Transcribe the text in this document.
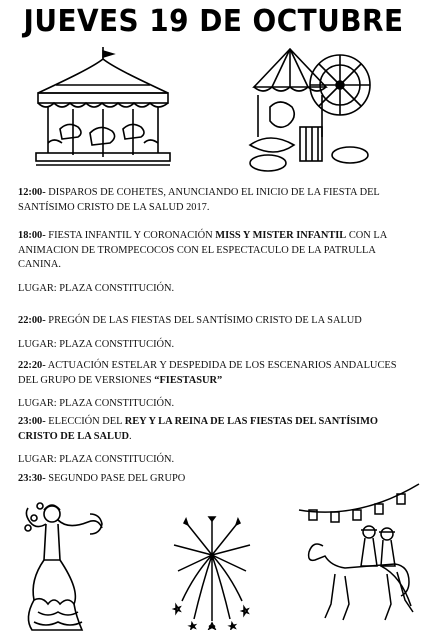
JUEVES 19 DE OCTUBRE

12:00- DISPAROS DE COHETES, ANUNCIANDO EL INICIO DE LA FIESTA DEL SANTÍSIMO CRISTO DE LA SALUD 2017.

18:00- FIESTA INFANTIL Y CORONACIÓN MISS Y MISTER INFANTIL CON LA ANIMACION DE TROMPECOCOS CON EL ESPECTACULO DE LA PATRULLA CANINA.

LUGAR: PLAZA CONSTITUCIÓN.

22:00- PREGÓN DE LAS FIESTAS DEL SANTÍSIMO CRISTO DE LA SALUD

LUGAR: PLAZA CONSTITUCIÓN.

22:20- ACTUACIÓN ESTELAR Y DESPEDIDA DE LOS ESCENARIOS ANDALUCES DEL GRUPO DE VERSIONES “FIESTASUR”

LUGAR: PLAZA CONSTITUCIÓN.

23:00- ELECCIÓN DEL REY Y LA REINA DE LAS FIESTAS DEL SANTÍSIMO CRISTO DE LA SALUD.

LUGAR: PLAZA CONSTITUCIÓN.

23:30- SEGUNDO PASE DEL GRUPO
